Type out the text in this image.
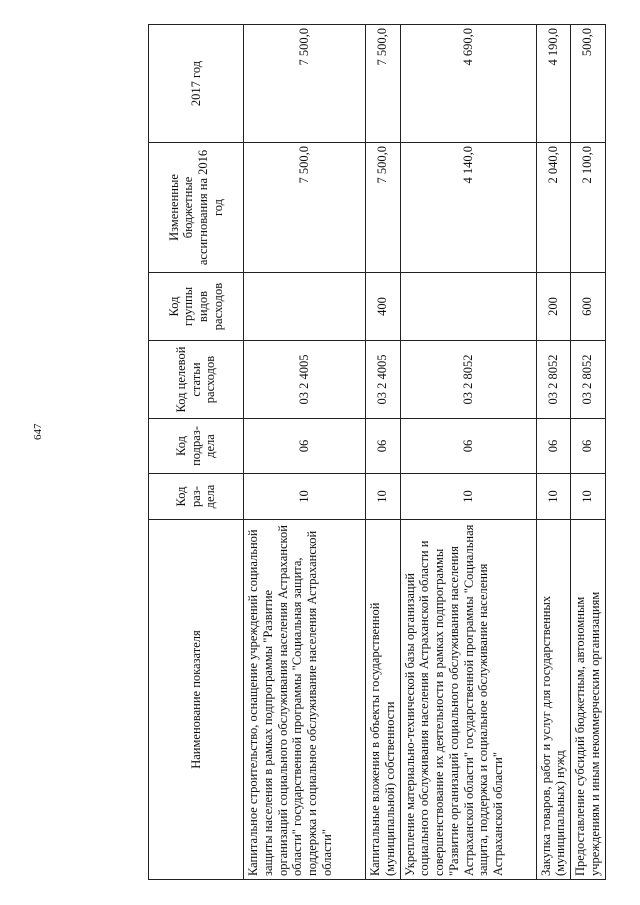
647
Наименование показателя	Код раз-дела	Код подраз-дела	Код целевой статьи расходов	Код группы видов расходов	Измененные бюджетные ассигнования на 2016 год	2017 год
Капитальное строительство, оснащение учреждений социальной защиты населения в рамках подпрограммы "Развитие организаций социального обслуживания населения Астраханской области" государственной программы "Социальная защита, поддержка и социальное обслуживание населения Астраханской области"	10	06	03 2 4005		7 500,0	7 500,0
Капитальные вложения в объекты государственной (муниципальной) собственности	10	06	03 2 4005	400	7 500,0	7 500,0
Укрепление материально-технической базы организаций социального обслуживания населения Астраханской области и совершенствование их деятельности в рамках подпрограммы "Развитие организаций социального обслуживания населения Астраханской области" государственной программы "Социальная защита, поддержка и социальное обслуживание населения Астраханской области"	10	06	03 2 8052		4 140,0	4 690,0
Закупка товаров, работ и услуг для государственных (муниципальных) нужд	10	06	03 2 8052	200	2 040,0	4 190,0
Предоставление субсидий бюджетным, автономным учреждениям и иным некоммерческим организациям	10	06	03 2 8052	600	2 100,0	500,0
